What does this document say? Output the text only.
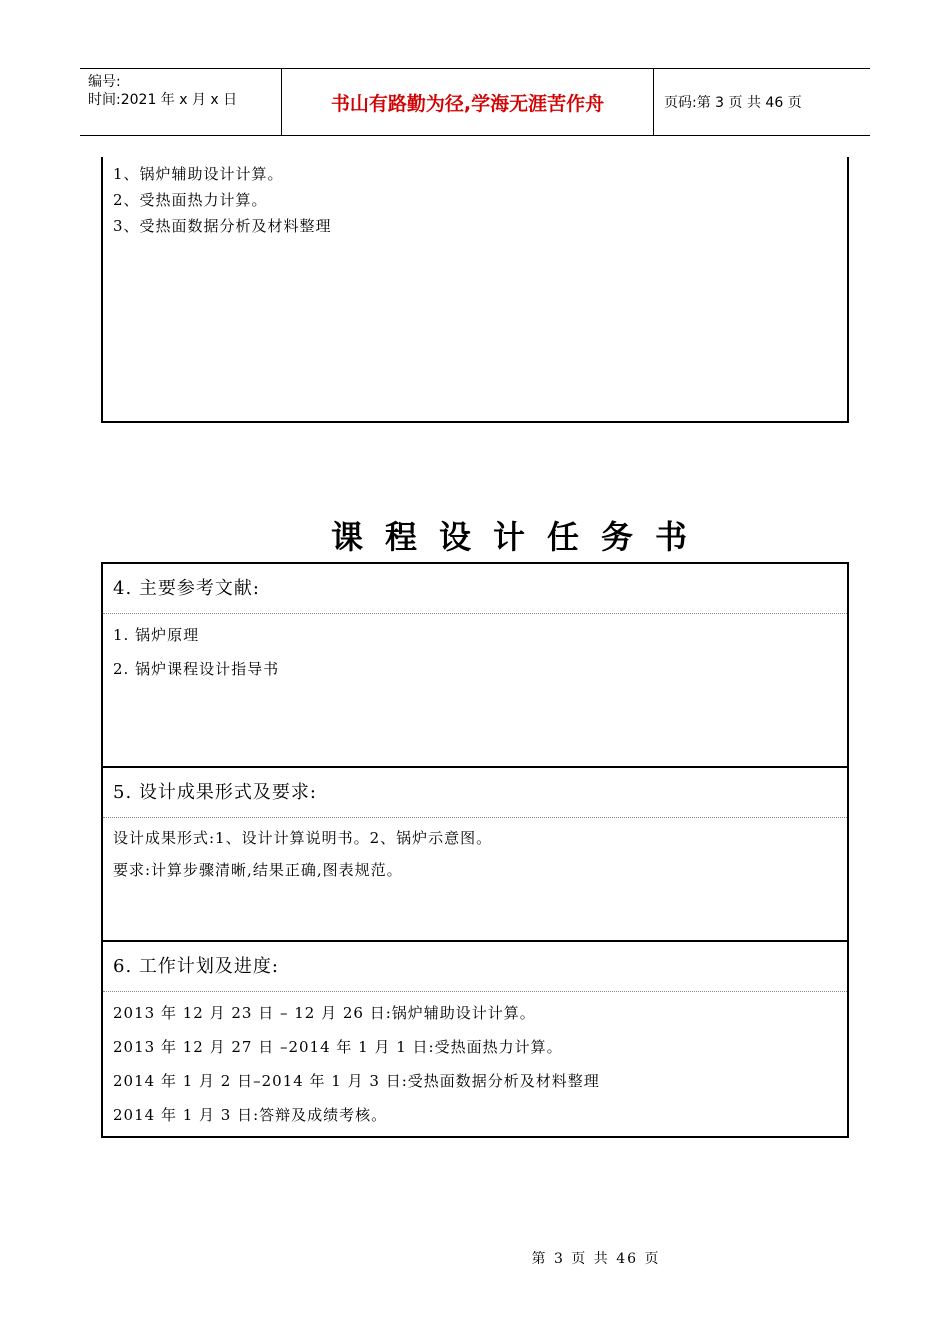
编号:
时间:2021 年 x 月 x 日	书山有路勤为径,学海无涯苦作舟	页码:第 3 页 共 46 页
1、锅炉辅助设计计算。
2、受热面热力计算。
3、受热面数据分析及材料整理
课程设计任务书
4. 主要参考文献:
1. 锅炉原理
2. 锅炉课程设计指导书
5. 设计成果形式及要求:
设计成果形式:1、设计计算说明书。2、锅炉示意图。
要求:计算步骤清晰,结果正确,图表规范。
6. 工作计划及进度:
2013 年 12 月 23 日 – 12 月 26 日:锅炉辅助设计计算。
2013 年 12 月 27 日 –2014 年 1 月 1 日:受热面热力计算。
2014 年 1 月 2 日–2014 年 1 月 3 日:受热面数据分析及材料整理
2014 年 1 月 3 日:答辩及成绩考核。
第 3 页 共 46 页
